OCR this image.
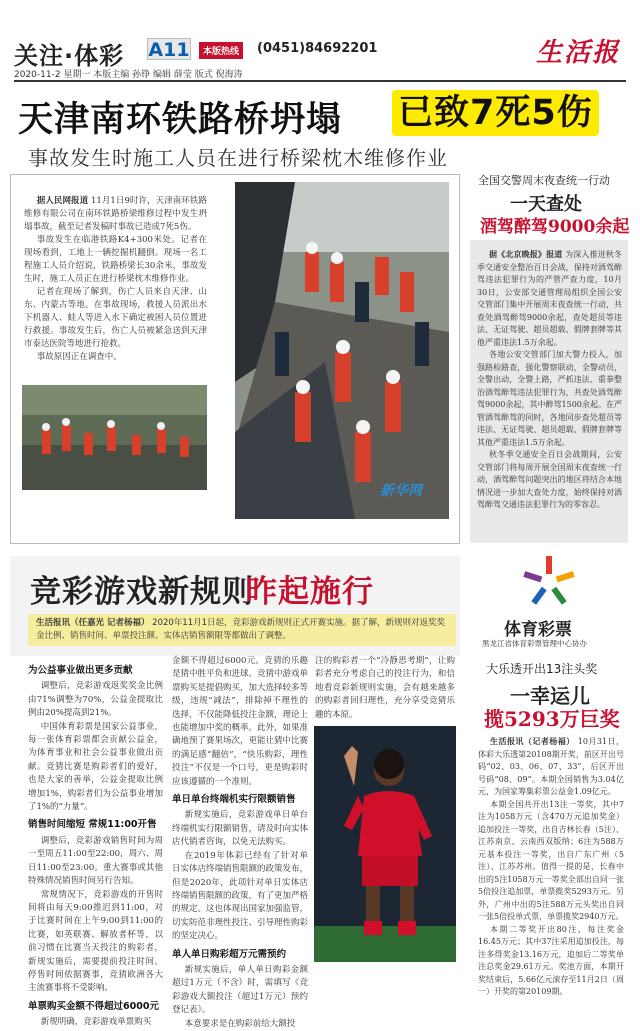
关注·体彩 A11	本版热线	(0451)84692201	生活报
2020-11-2 星期一 本版主编 孙铮 编辑 薛莹 版式 倪海涛
天津南环铁路桥坍塌 已致7死5伤
事故发生时施工人员在进行桥梁枕木维修作业

据人民网报道 11月1日9时许，天津南环铁路维修有限公司在南环铁路桥梁维修过程中发生坍塌事故，截至记者发稿时事故已造成7死5伤。

事故发生在临港铁路K4+300米处。记者在现场看到，工地上一辆挖掘机翻倒。现场一名工程施工人员介绍说，铁路桥梁长30余米，事故发生时，施工人员正在进行桥梁枕木维修作业。

记者在现场了解到，伤亡人员来自天津、山东、内蒙古等地。在事故现场，救援人员派出水下机器人、蛙人等进入水下确定被困人员位置进行救援。事故发生后，伤亡人员被紧急送到天津市泰达医院等地进行抢救。

事故原因正在调查中。

新华网
全国交警周末夜查统一行动
一天查处
酒驾醉驾9000余起

据《北京晚报》报道 为深入推进秋冬季交通安全整治百日会战，保持对酒驾醉驾违法犯罪行为的严管严查力度，10月30日，公安部交通管理局组织全国公安交管部门集中开展周末夜查统一行动，共查处酒驾醉驾9000余起，查处超员等违法、无证驾驶、超员超载、假牌套牌等其他严重违法1.5万余起。

各地公安交管部门加大警力投入，加强路检路查，强化警察联动，全警动员，全警出动，全警上路，严抓违法、重拳整治酒驾醉驾违法犯罪行为，共查处酒驾醉驾9000余起，其中醉驾1500余起。在严管酒驾醉驾的同时，各地同步查处超员等违法、无证驾驶、超员超载、假牌套牌等其他严重违法1.5万余起。

秋冬季交通安全百日会战期间，公安交管部门将每周开展全国周末夜查统一行动，酒驾醉驾问题突出的地区将结合本地情况进一步加大查处力度，始终保持对酒驾醉驾交通违法犯罪行为的零容忍。

竞彩游戏新规则
昨起施行
生活报讯（任嘉光 记者杨福） 2020年11月1日起，竞彩游戏新规则正式开赛实施。据了解，新规则对返奖奖金比例、销售时间、单票投注额、实体店销售额限等都做出了调整。

为公益事业做出更多贡献

调整后，竞彩游戏返奖奖金比例由71%调整为70%，公益金提取比例由20%提高到21%。

中国体育彩票是国家公益事业，每一张体育彩票都会贡献公益金，为体育事业和社会公益事业做出贡献。竞猜比赛是购彩者们的爱好，也是大家的善举，公益金提取比例增加1%，购彩者们为公益事业增加了1%的“力量”。

销售时间缩短 常规11:00开售

调整后，竞彩游戏销售时间为周一至周五11:00至22:00，周六、周日11:00至23:00。重大赛事或其他特殊情况销售时间另行告知。

常规情况下，竞彩游戏的开售时间将由每天9:00推迟到11:00，对于比赛时间在上午9:00到11:00的比赛，如英联赛、解放者杯等，以前习惯在比赛当天投注的购彩者，新规实施后，需要提前投注时间。停售时间依据赛事，竞猜欧洲各大主流赛事将不受影响。

单票购买金额不得超过6000元

新规明确，竞彩游戏单票购买

金额不得超过6000元。竞猜的乐趣是猜中胜平负和进球。竞猜中游戏单票购买是提倡购买，加大选择较多等级，违规“减法”，排除掉不理性的选择，不仅能降低投注金额，理论上也能增加中奖的概率。此外，如果准确地预了赛果场次，更能让猜中比赛的满足感“翻倍”，“快乐购彩，理性投注”不仅是一个口号，更是购彩时应该遵循的一个准则。

单日单台终端机实行限额销售

新规实施后，竞彩游戏单日单台终端机实行限额销售，请及时向实体店代销者咨询，以免无法购买。

在2019年体彩已经有了针对单日实体店终端销售限额的政策发布，但是2020年，此项针对单日实体店终端销售限额的政策，有了更加严格的规定。这也体现出国家加强监管，切实防范非理性投注、引导理性购彩的坚定决心。

单人单日购彩超万元需预约

新规实施后，单人单日购彩金额超过1万元（不含）时，需填写《竞彩游戏大额投注（超过1万元）预约登记表》。

本意要求是在购彩前给大额投

注的购彩者一个“冷静思考期”，让购彩者充分考虑自己的投注行为，和信地看竞彩新规则实施，会有越来越多的购彩者回归理性，充分享受竞猜乐趣的本原。

体育彩票
黑龙江省体育彩票管理中心协办
大乐透开出13注头奖
一幸运儿
揽5293万巨奖

生活报讯（记者杨福） 10月31日，体彩大乐透第20108期开奖，前区开出号码“02、03、06、07、33”，后区开出号码“08、09”。本期全国销售为3.04亿元，为国家筹集彩票公益金1.09亿元。

本期全国共开出13注一等奖，其中7注为1058万元（含470万元追加奖金）追加投注一等奖，出自吉林长春（5注）、江苏南京、云南西双版纳；6注为588万元基本投注一等奖，出自广东广州（5注）、江苏苏州。值得一提的是，长春中出的5注1058万元一等奖全部出自同一张5倍投注追加票，单票揽奖5293万元。另外，广州中出的5注588万元头奖出自同一张5倍投单式票，单票揽奖2940万元。

本期二等奖开出80注，每注奖金16.45万元；其中37注采用追加投注，每注多得奖金13.16万元，追加后二等奖单注总奖金29.61万元。奖池方面，本期开奖结束后，5.66亿元滚存至11月2日（周一）开奖的第20109期。
